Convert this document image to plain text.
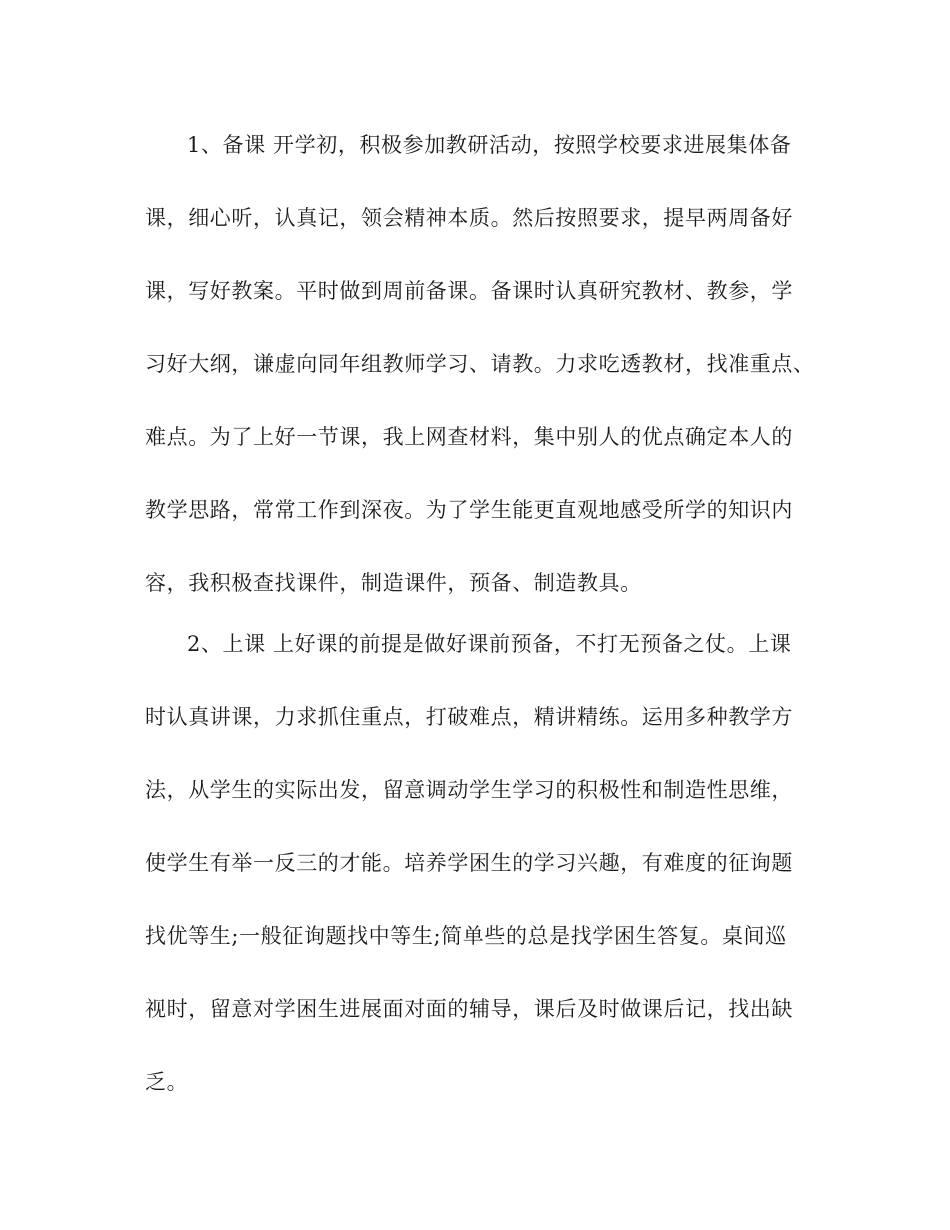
1、备课 开学初，积极参加教研活动，按照学校要求进展集体备
课，细心听，认真记，领会精神本质。然后按照要求，提早两周备好
课，写好教案。平时做到周前备课。备课时认真研究教材、教参，学
习好大纲，谦虚向同年组教师学习、请教。力求吃透教材，找准重点、
难点。为了上好一节课，我上网查材料，集中别人的优点确定本人的
教学思路，常常工作到深夜。为了学生能更直观地感受所学的知识内
容，我积极查找课件，制造课件，预备、制造教具。
2、上课 上好课的前提是做好课前预备，不打无预备之仗。上课
时认真讲课，力求抓住重点，打破难点，精讲精练。运用多种教学方
法，从学生的实际出发，留意调动学生学习的积极性和制造性思维，
使学生有举一反三的才能。培养学困生的学习兴趣，有难度的征询题
找优等生;一般征询题找中等生;简单些的总是找学困生答复。桌间巡
视时，留意对学困生进展面对面的辅导，课后及时做课后记，找出缺
乏。
